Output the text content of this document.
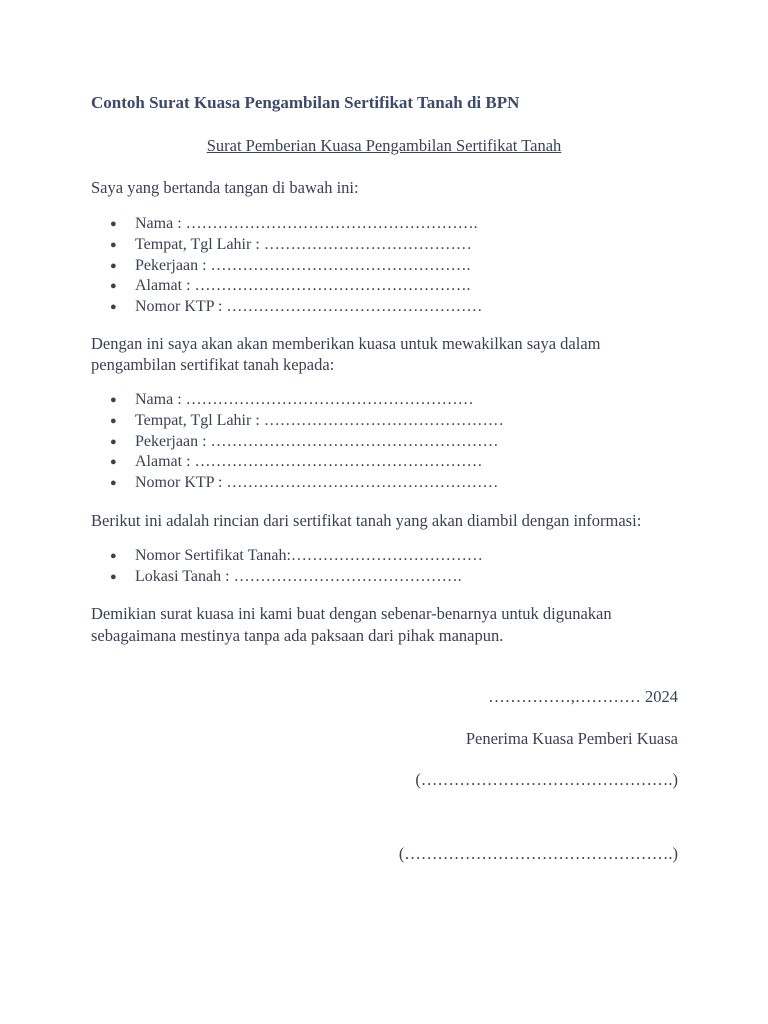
Contoh Surat Kuasa Pengambilan Sertifikat Tanah di BPN
Surat Pemberian Kuasa Pengambilan Sertifikat Tanah
Saya yang bertanda tangan di bawah ini:
● Nama : ……………………………………………….
● Tempat, Tgl Lahir : …………………………………
● Pekerjaan : ………………………………………….
● Alamat : …………………………………………….
● Nomor KTP : …………………………………………
Dengan ini saya akan akan memberikan kuasa untuk mewakilkan saya dalam
pengambilan sertifikat tanah kepada:
● Nama : ………………………………………………
● Tempat, Tgl Lahir : ………………………………………
● Pekerjaan : ………………………………………………
● Alamat : ………………………………………………
● Nomor KTP : ……………………………………………
Berikut ini adalah rincian dari sertifikat tanah yang akan diambil dengan informasi:
● Nomor Sertifikat Tanah:………………………………
● Lokasi Tanah : …………………………………….
Demikian surat kuasa ini kami buat dengan sebenar-benarnya untuk digunakan
sebagaimana mestinya tanpa ada paksaan dari pihak manapun.
……………,………… 2024
Penerima Kuasa Pemberi Kuasa
(……………………………………….)
(………………………………………….)
